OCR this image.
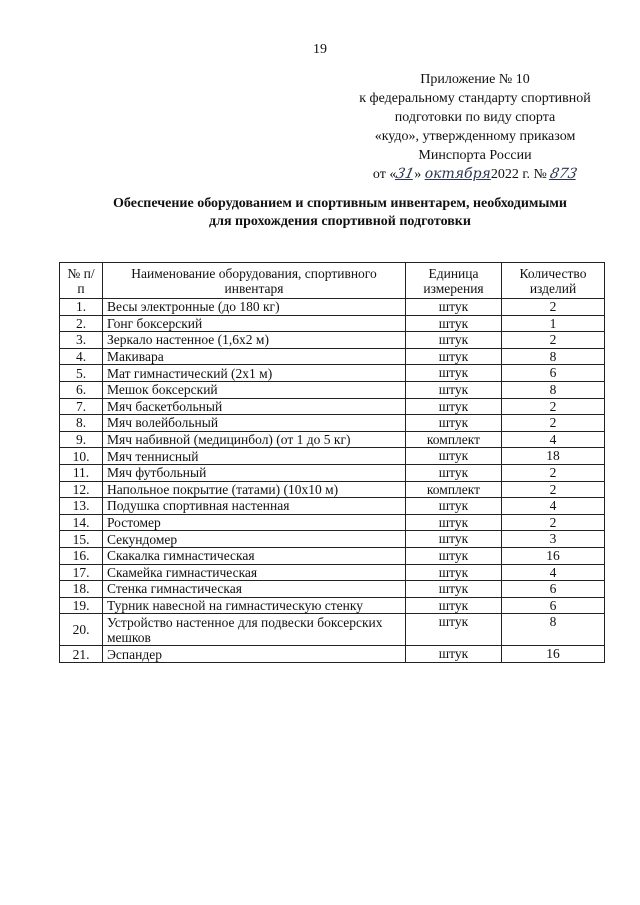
19
Приложение № 10
к федеральному стандарту спортивной
подготовки по виду спорта
«кудо», утвержденному приказом
Минспорта России
от «31» октября2022 г. № 873
Обеспечение оборудованием и спортивным инвентарем, необходимыми
для прохождения спортивной подготовки
№ п/п	Наименование оборудования, спортивного инвентаря	Единица измерения	Количество изделий
1.	Весы электронные (до 180 кг)	штук	2
2.	Гонг боксерский	штук	1
3.	Зеркало настенное (1,6х2 м)	штук	2
4.	Макивара	штук	8
5.	Мат гимнастический (2х1 м)	штук	6
6.	Мешок боксерский	штук	8
7.	Мяч баскетбольный	штук	2
8.	Мяч волейбольный	штук	2
9.	Мяч набивной (медицинбол) (от 1 до 5 кг)	комплект	4
10.	Мяч теннисный	штук	18
11.	Мяч футбольный	штук	2
12.	Напольное покрытие (татами) (10х10 м)	комплект	2
13.	Подушка спортивная настенная	штук	4
14.	Ростомер	штук	2
15.	Секундомер	штук	3
16.	Скакалка гимнастическая	штук	16
17.	Скамейка гимнастическая	штук	4
18.	Стенка гимнастическая	штук	6
19.	Турник навесной на гимнастическую стенку	штук	6
20.	Устройство настенное для подвески боксерских мешков	штук	8
21.	Эспандер	штук	16
